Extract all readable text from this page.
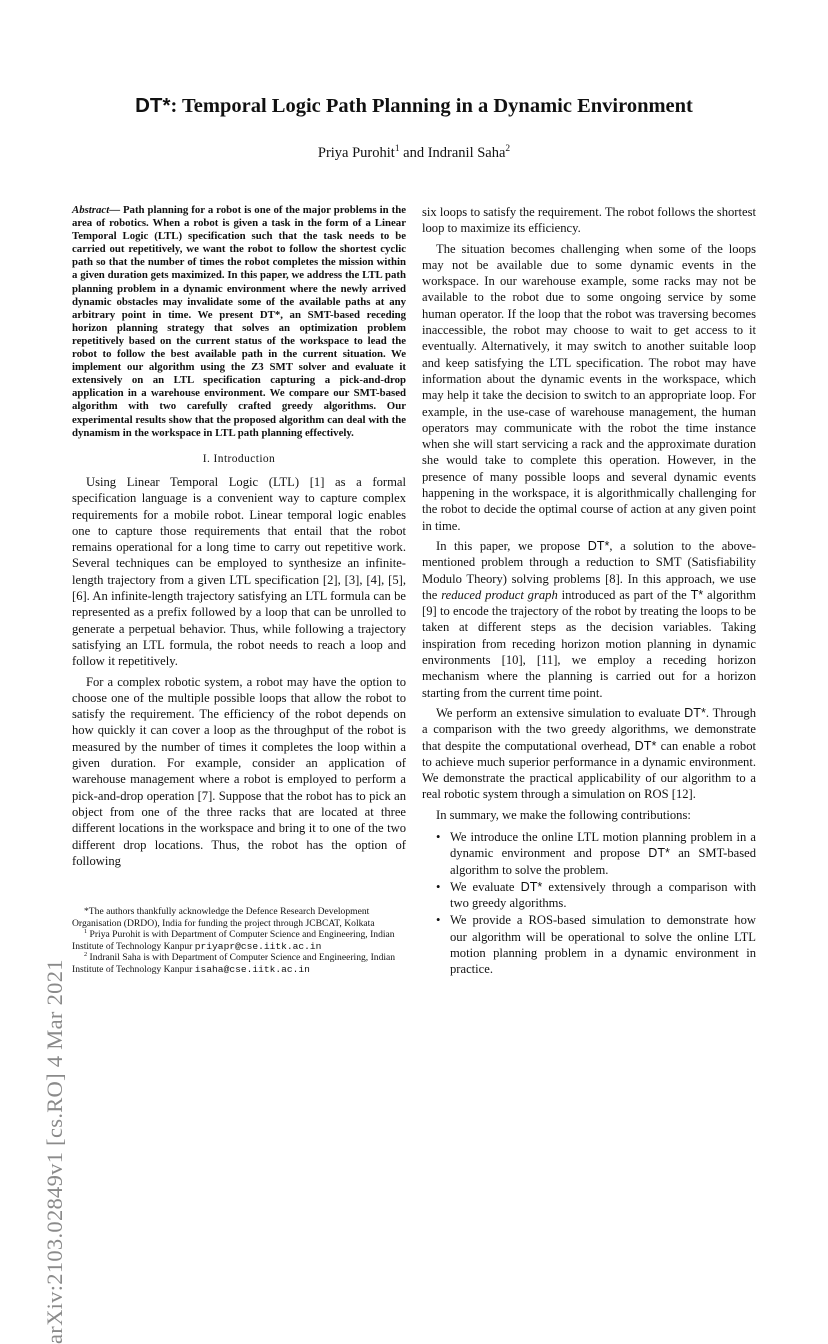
arXiv:2103.02849v1 [cs.RO] 4 Mar 2021
DT*: Temporal Logic Path Planning in a Dynamic Environment
Priya Purohit$^1$ and Indranil Saha$^2$

Abstract— Path planning for a robot is one of the major problems in the area of robotics. When a robot is given a task in the form of a Linear Temporal Logic (LTL) specification such that the task needs to be carried out repetitively, we want the robot to follow the shortest cyclic path so that the number of times the robot completes the mission within a given duration gets maximized. In this paper, we address the LTL path planning problem in a dynamic environment where the newly arrived dynamic obstacles may invalidate some of the available paths at any arbitrary point in time. We present DT*, an SMT-based receding horizon planning strategy that solves an optimization problem repetitively based on the current status of the workspace to lead the robot to follow the best available path in the current situation. We implement our algorithm using the Z3 SMT solver and evaluate it extensively on an LTL specification capturing a pick-and-drop application in a warehouse environment. We compare our SMT-based algorithm with two carefully crafted greedy algorithms. Our experimental results show that the proposed algorithm can deal with the dynamism in the workspace in LTL path planning effectively.

I. Introduction

Using Linear Temporal Logic (LTL) [1] as a formal specification language is a convenient way to capture complex requirements for a mobile robot. Linear temporal logic enables one to capture those requirements that entail that the robot remains operational for a long time to carry out repetitive work. Several techniques can be employed to synthesize an infinite-length trajectory from a given LTL specification [2], [3], [4], [5], [6]. An infinite-length trajectory satisfying an LTL formula can be represented as a prefix followed by a loop that can be unrolled to generate a perpetual behavior. Thus, while following a trajectory satisfying an LTL formula, the robot needs to reach a loop and follow it repetitively.

For a complex robotic system, a robot may have the option to choose one of the multiple possible loops that allow the robot to satisfy the requirement. The efficiency of the robot depends on how quickly it can cover a loop as the throughput of the robot is measured by the number of times it completes the loop within a given duration. For example, consider an application of warehouse management where a robot is employed to perform a pick-and-drop operation [7]. Suppose that the robot has to pick an object from one of the three racks that are located at three different locations in the workspace and bring it to one of the two different drop locations. Thus, the robot has the option of following

*The authors thankfully acknowledge the Defence Research Development Organisation (DRDO), India for funding the project through JCBCAT, Kolkata

$^1$ Priya Purohit is with Department of Computer Science and Engineering, Indian Institute of Technology Kanpur priyapr@cse.iitk.ac.in

$^2$ Indranil Saha is with Department of Computer Science and Engineering, Indian Institute of Technology Kanpur isaha@cse.iitk.ac.in

six loops to satisfy the requirement. The robot follows the shortest loop to maximize its efficiency.

The situation becomes challenging when some of the loops may not be available due to some dynamic events in the workspace. In our warehouse example, some racks may not be available to the robot due to some ongoing service by some human operator. If the loop that the robot was traversing becomes inaccessible, the robot may choose to wait to get access to it eventually. Alternatively, it may switch to another suitable loop and keep satisfying the LTL specification. The robot may have information about the dynamic events in the workspace, which may help it take the decision to switch to an appropriate loop. For example, in the use-case of warehouse management, the human operators may communicate with the robot the time instance when she will start servicing a rack and the approximate duration she would take to complete this operation. However, in the presence of many possible loops and several dynamic events happening in the workspace, it is algorithmically challenging for the robot to decide the optimal course of action at any given point in time.

In this paper, we propose DT*, a solution to the above-mentioned problem through a reduction to SMT (Satisfiability Modulo Theory) solving problems [8]. In this approach, we use the reduced product graph introduced as part of the T* algorithm [9] to encode the trajectory of the robot by treating the loops to be taken at different steps as the decision variables. Taking inspiration from receding horizon motion planning in dynamic environments [10], [11], we employ a receding horizon mechanism where the planning is carried out for a horizon starting from the current time point.

We perform an extensive simulation to evaluate DT*. Through a comparison with the two greedy algorithms, we demonstrate that despite the computational overhead, DT* can enable a robot to achieve much superior performance in a dynamic environment. We demonstrate the practical applicability of our algorithm to a real robotic system through a simulation on ROS [12].

In summary, we make the following contributions:

• We introduce the online LTL motion planning problem in a dynamic environment and propose DT* an SMT-based algorithm to solve the problem.
• We evaluate DT* extensively through a comparison with two greedy algorithms.
• We provide a ROS-based simulation to demonstrate how our algorithm will be operational to solve the online LTL motion planning problem in a dynamic environment in practice.
